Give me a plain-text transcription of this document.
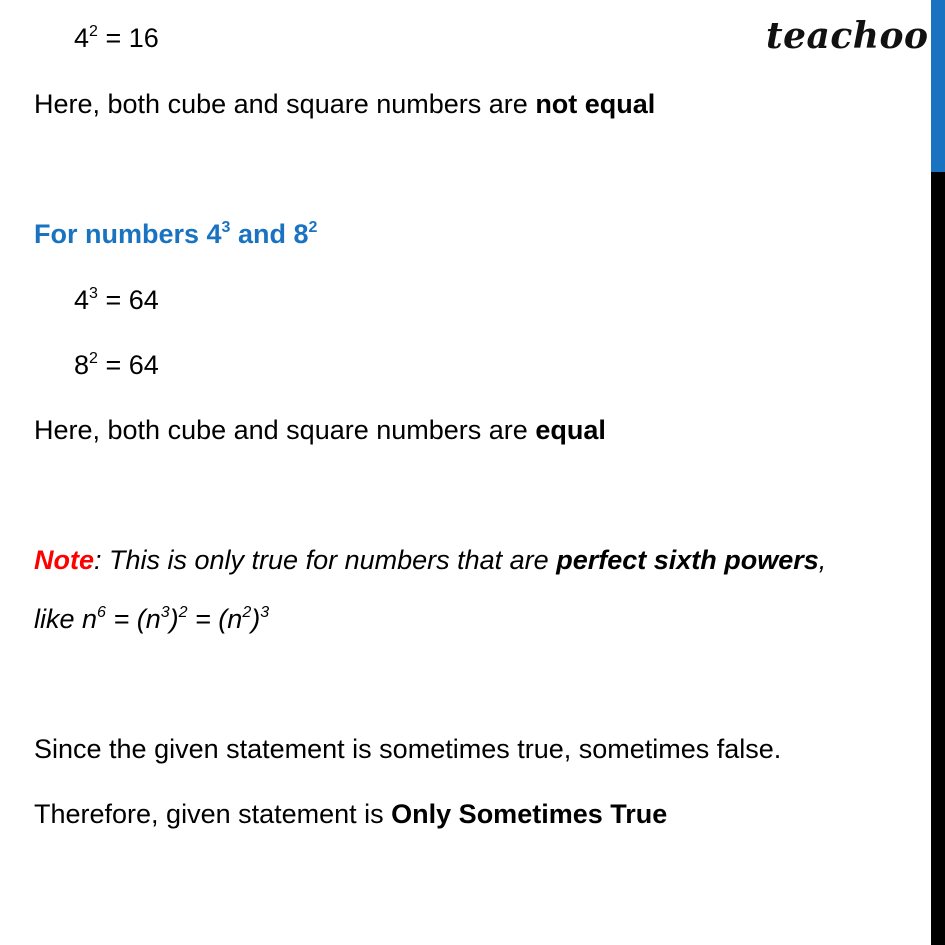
teachoo
$4^2 = 16$
Here, both cube and square numbers are not equal
For numbers $4^3$ and $8^2$
$4^3 = 64$
$8^2 = 64$
Here, both cube and square numbers are equal
Note: This is only true for numbers that are perfect sixth powers,
like $n^6 = (n^3)^2 = (n^2)^3$
Since the given statement is sometimes true, sometimes false.
Therefore, given statement is Only Sometimes True
